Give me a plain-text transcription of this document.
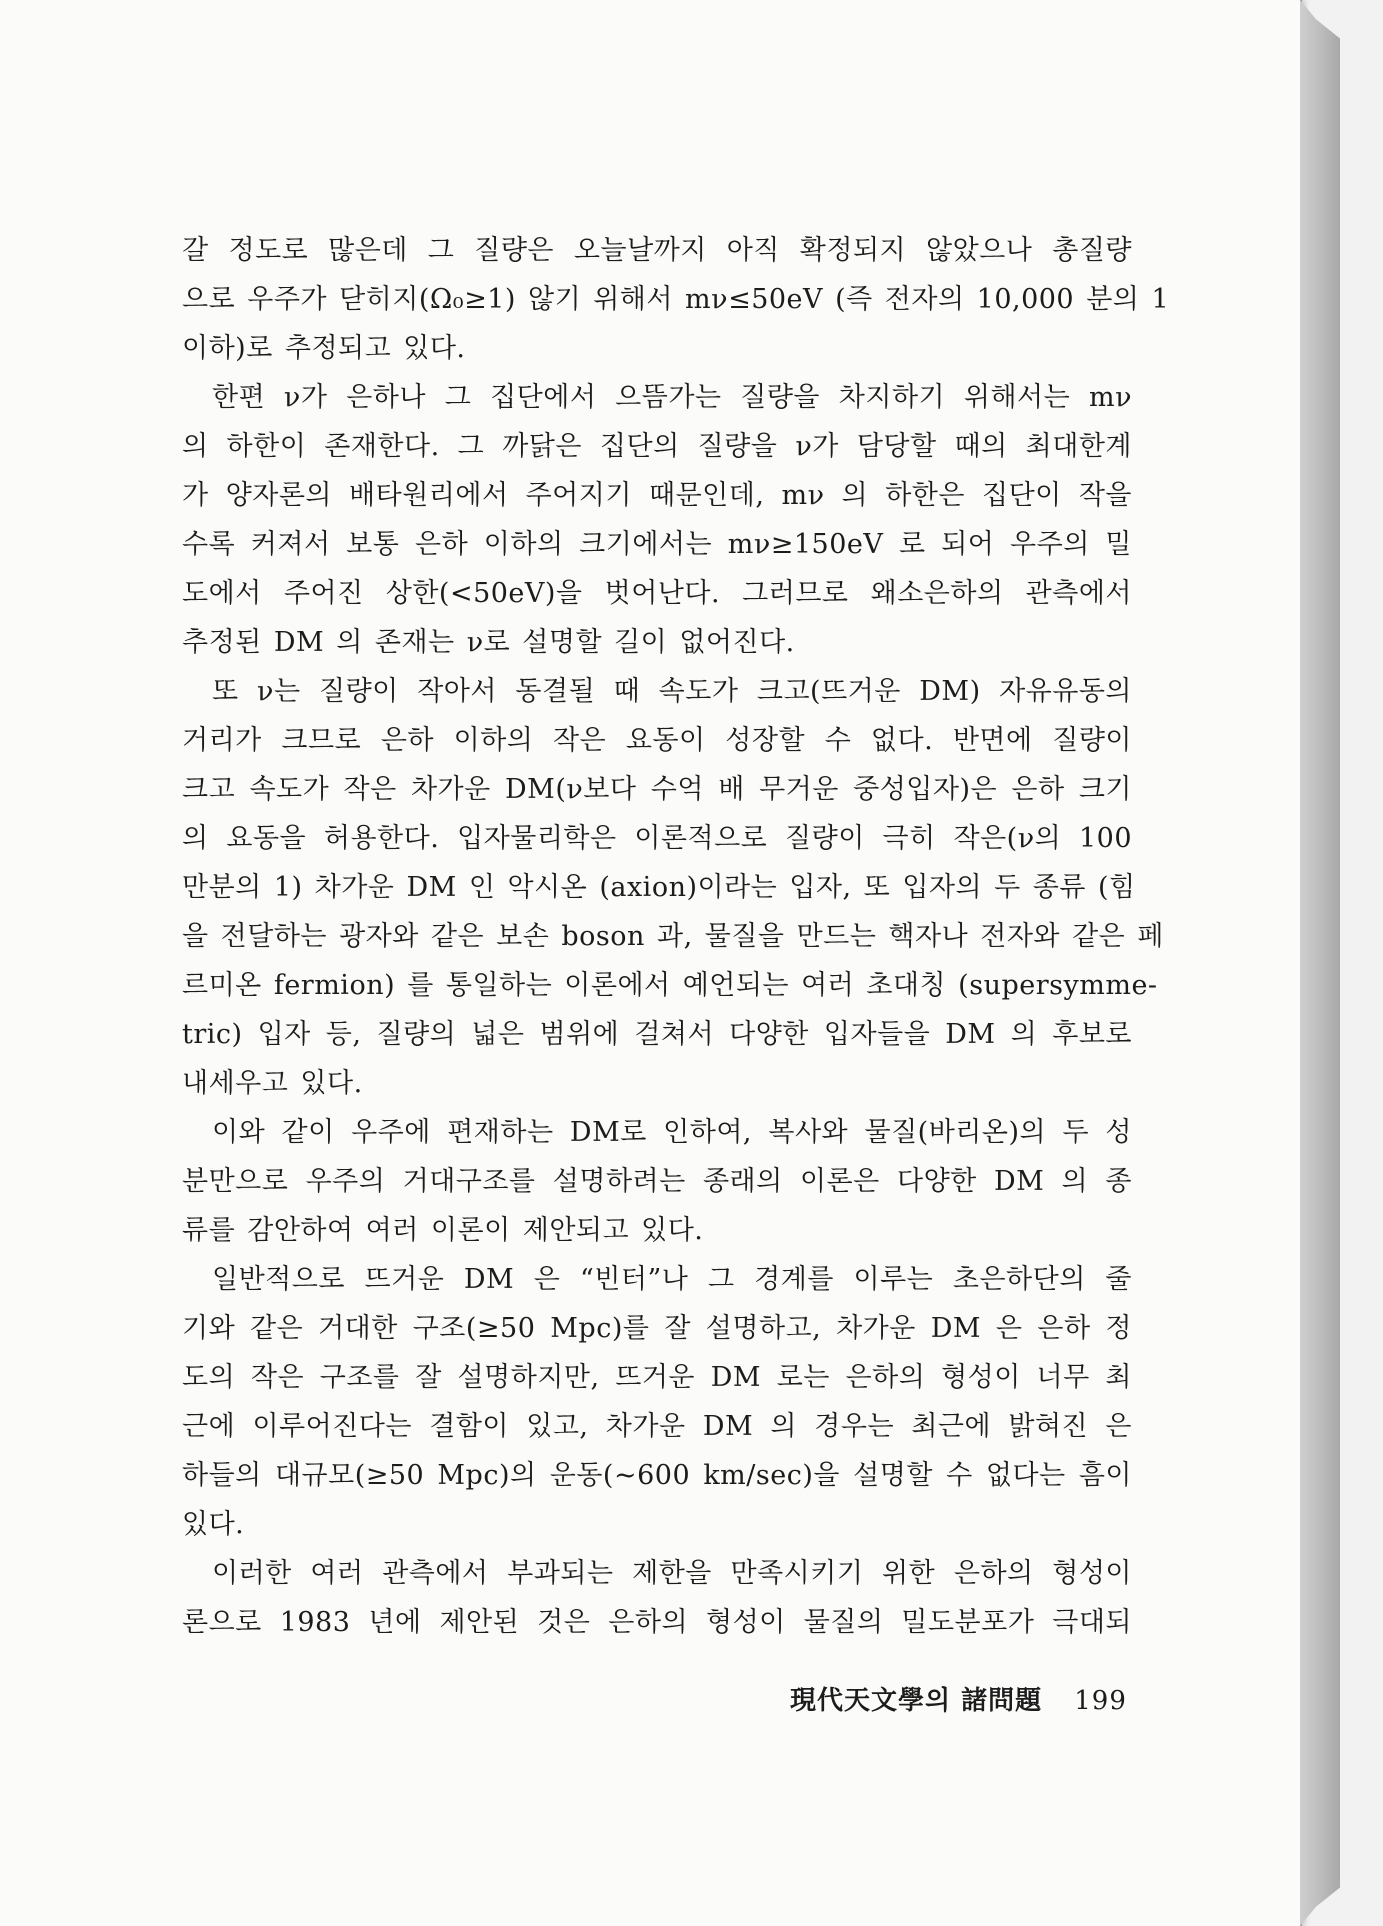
갈 정도로 많은데 그 질량은 오늘날까지 아직 확정되지 않았으나 총질량
으로 우주가 닫히지(Ω₀≥1) 않기 위해서 mν≤50eV (즉 전자의 10,000 분의 1
이하)로 추정되고 있다.
한편 ν가 은하나 그 집단에서 으뜸가는 질량을 차지하기 위해서는 mν
의 하한이 존재한다. 그 까닭은 집단의 질량을 ν가 담당할 때의 최대한계
가 양자론의 배타원리에서 주어지기 때문인데, mν 의 하한은 집단이 작을
수록 커져서 보통 은하 이하의 크기에서는 mν≥150eV 로 되어 우주의 밀
도에서 주어진 상한(<50eV)을 벗어난다. 그러므로 왜소은하의 관측에서
추정된 DM 의 존재는 ν로 설명할 길이 없어진다.
또 ν는 질량이 작아서 동결될 때 속도가 크고(뜨거운 DM) 자유유동의
거리가 크므로 은하 이하의 작은 요동이 성장할 수 없다. 반면에 질량이
크고 속도가 작은 차가운 DM(ν보다 수억 배 무거운 중성입자)은 은하 크기
의 요동을 허용한다. 입자물리학은 이론적으로 질량이 극히 작은(ν의 100
만분의 1) 차가운 DM 인 악시온 (axion)이라는 입자, 또 입자의 두 종류 (힘
을 전달하는 광자와 같은 보손 boson 과, 물질을 만드는 핵자나 전자와 같은 페
르미온 fermion) 를 통일하는 이론에서 예언되는 여러 초대칭 (supersymme-
tric) 입자 등, 질량의 넓은 범위에 걸쳐서 다양한 입자들을 DM 의 후보로
내세우고 있다.
이와 같이 우주에 편재하는 DM로 인하여, 복사와 물질(바리온)의 두 성
분만으로 우주의 거대구조를 설명하려는 종래의 이론은 다양한 DM 의 종
류를 감안하여 여러 이론이 제안되고 있다.
일반적으로 뜨거운 DM 은 “빈터”나 그 경계를 이루는 초은하단의 줄
기와 같은 거대한 구조(≥50 Mpc)를 잘 설명하고, 차가운 DM 은 은하 정
도의 작은 구조를 잘 설명하지만, 뜨거운 DM 로는 은하의 형성이 너무 최
근에 이루어진다는 결함이 있고, 차가운 DM 의 경우는 최근에 밝혀진 은
하들의 대규모(≥50 Mpc)의 운동(~600 km/sec)을 설명할 수 없다는 흠이
있다.
이러한 여러 관측에서 부과되는 제한을 만족시키기 위한 은하의 형성이
론으로 1983 년에 제안된 것은 은하의 형성이 물질의 밀도분포가 극대되
現代天文學의 諸問題 199
